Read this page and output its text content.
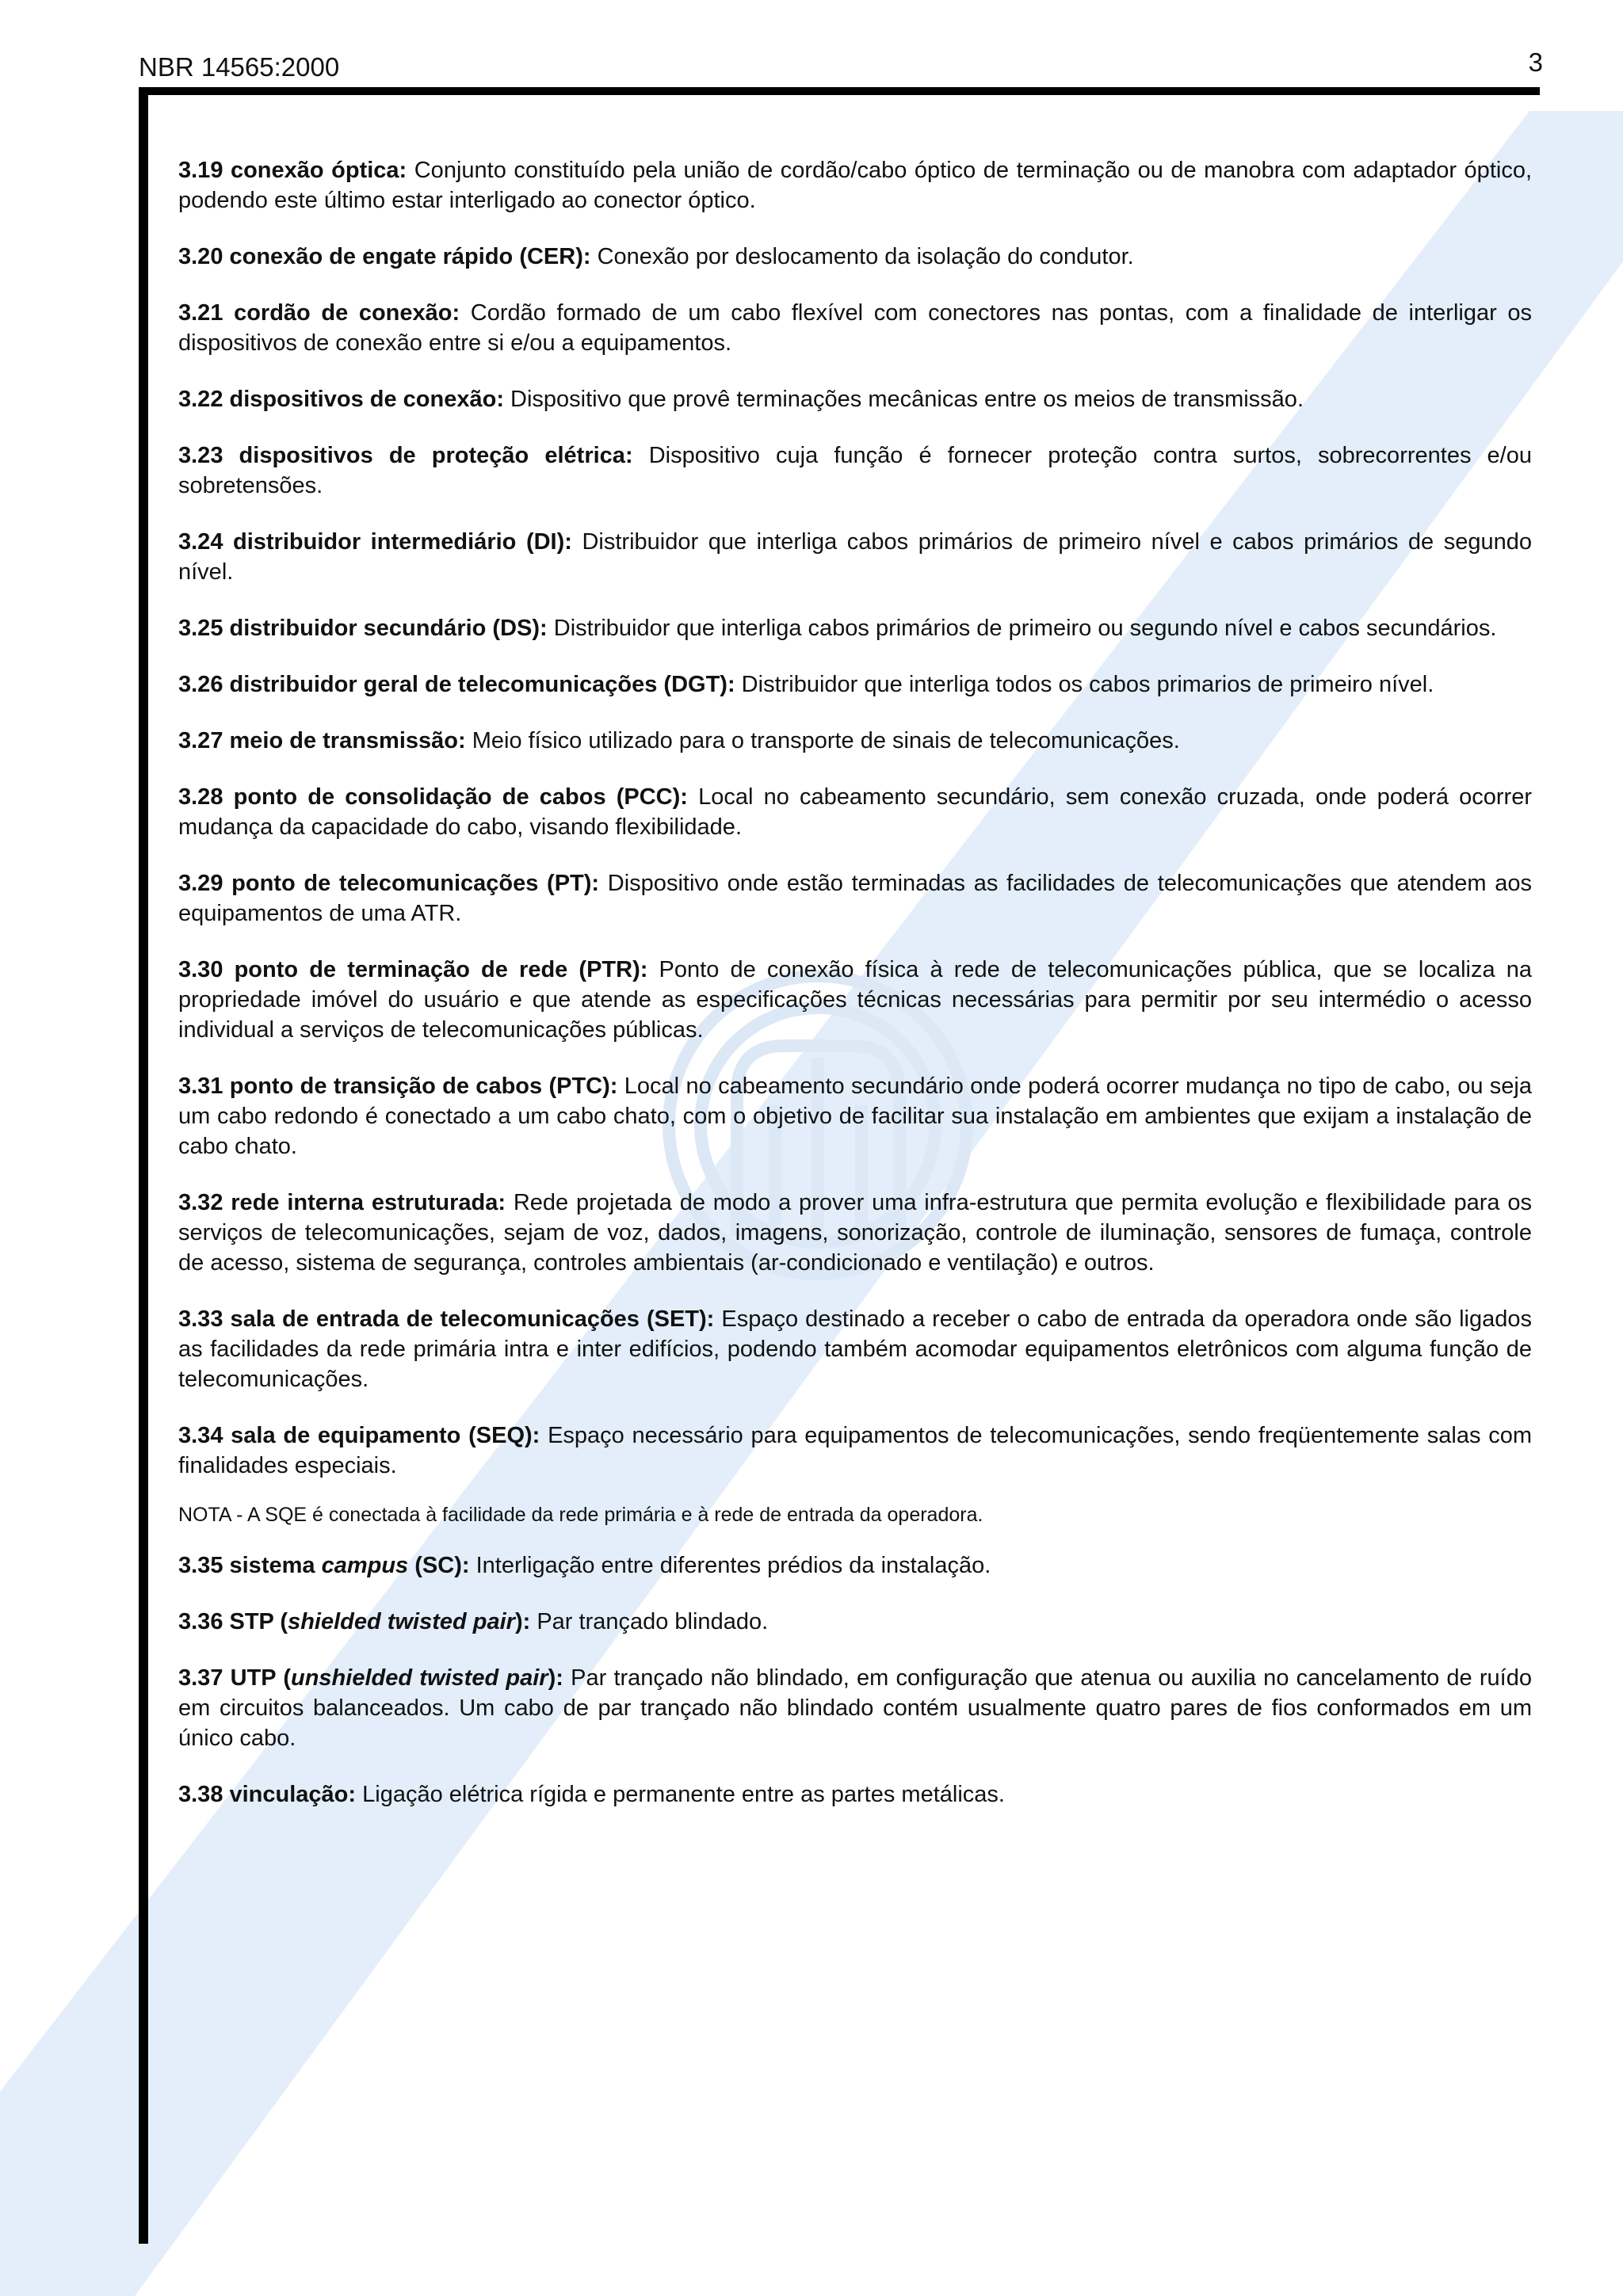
NBR 14565:2000	3

3.19 conexão óptica: Conjunto constituído pela união de cordão/cabo óptico de terminação ou de manobra com adaptador óptico, podendo este último estar interligado ao conector óptico.

3.20 conexão de engate rápido (CER): Conexão por deslocamento da isolação do condutor.

3.21 cordão de conexão: Cordão formado de um cabo flexível com conectores nas pontas, com a finalidade de interligar os dispositivos de conexão entre si e/ou a equipamentos.

3.22 dispositivos de conexão: Dispositivo que provê terminações mecânicas entre os meios de transmissão.

3.23 dispositivos de proteção elétrica: Dispositivo cuja função é fornecer proteção contra surtos, sobrecorrentes e/ou sobretensões.

3.24 distribuidor intermediário (DI): Distribuidor que interliga cabos primários de primeiro nível e cabos primários de segundo nível.

3.25 distribuidor secundário (DS): Distribuidor que interliga cabos primários de primeiro ou segundo nível e cabos secundários.

3.26 distribuidor geral de telecomunicações (DGT): Distribuidor que interliga todos os cabos primarios de primeiro nível.

3.27 meio de transmissão: Meio físico utilizado para o transporte de sinais de telecomunicações.

3.28 ponto de consolidação de cabos (PCC): Local no cabeamento secundário, sem conexão cruzada, onde poderá ocorrer mudança da capacidade do cabo, visando flexibilidade.

3.29 ponto de telecomunicações (PT): Dispositivo onde estão terminadas as facilidades de telecomunicações que atendem aos equipamentos de uma ATR.

3.30 ponto de terminação de rede (PTR): Ponto de conexão física à rede de telecomunicações pública, que se localiza na propriedade imóvel do usuário e que atende as especificações técnicas necessárias para permitir por seu intermédio o acesso individual a serviços de telecomunicações públicas.

3.31 ponto de transição de cabos (PTC): Local no cabeamento secundário onde poderá ocorrer mudança no tipo de cabo, ou seja um cabo redondo é conectado a um cabo chato, com o objetivo de facilitar sua instalação em ambientes que exijam a instalação de cabo chato.

3.32 rede interna estruturada: Rede projetada de modo a prover uma infra-estrutura que permita evolução e flexibilidade para os serviços de telecomunicações, sejam de voz, dados, imagens, sonorização, controle de iluminação, sensores de fumaça, controle de acesso, sistema de segurança, controles ambientais (ar-condicionado e ventilação) e outros.

3.33 sala de entrada de telecomunicações (SET): Espaço destinado a receber o cabo de entrada da operadora onde são ligados as facilidades da rede primária intra e inter edifícios, podendo também acomodar equipamentos eletrônicos com alguma função de telecomunicações.

3.34 sala de equipamento (SEQ): Espaço necessário para equipamentos de telecomunicações, sendo freqüentemente salas com finalidades especiais.

NOTA - A SQE é conectada à facilidade da rede primária e à rede de entrada da operadora.

3.35 sistema campus (SC): Interligação entre diferentes prédios da instalação.

3.36 STP (shielded twisted pair): Par trançado blindado.

3.37 UTP (unshielded twisted pair): Par trançado não blindado, em configuração que atenua ou auxilia no cancelamento de ruído em circuitos balanceados. Um cabo de par trançado não blindado contém usualmente quatro pares de fios conformados em um único cabo.

3.38 vinculação: Ligação elétrica rígida e permanente entre as partes metálicas.
